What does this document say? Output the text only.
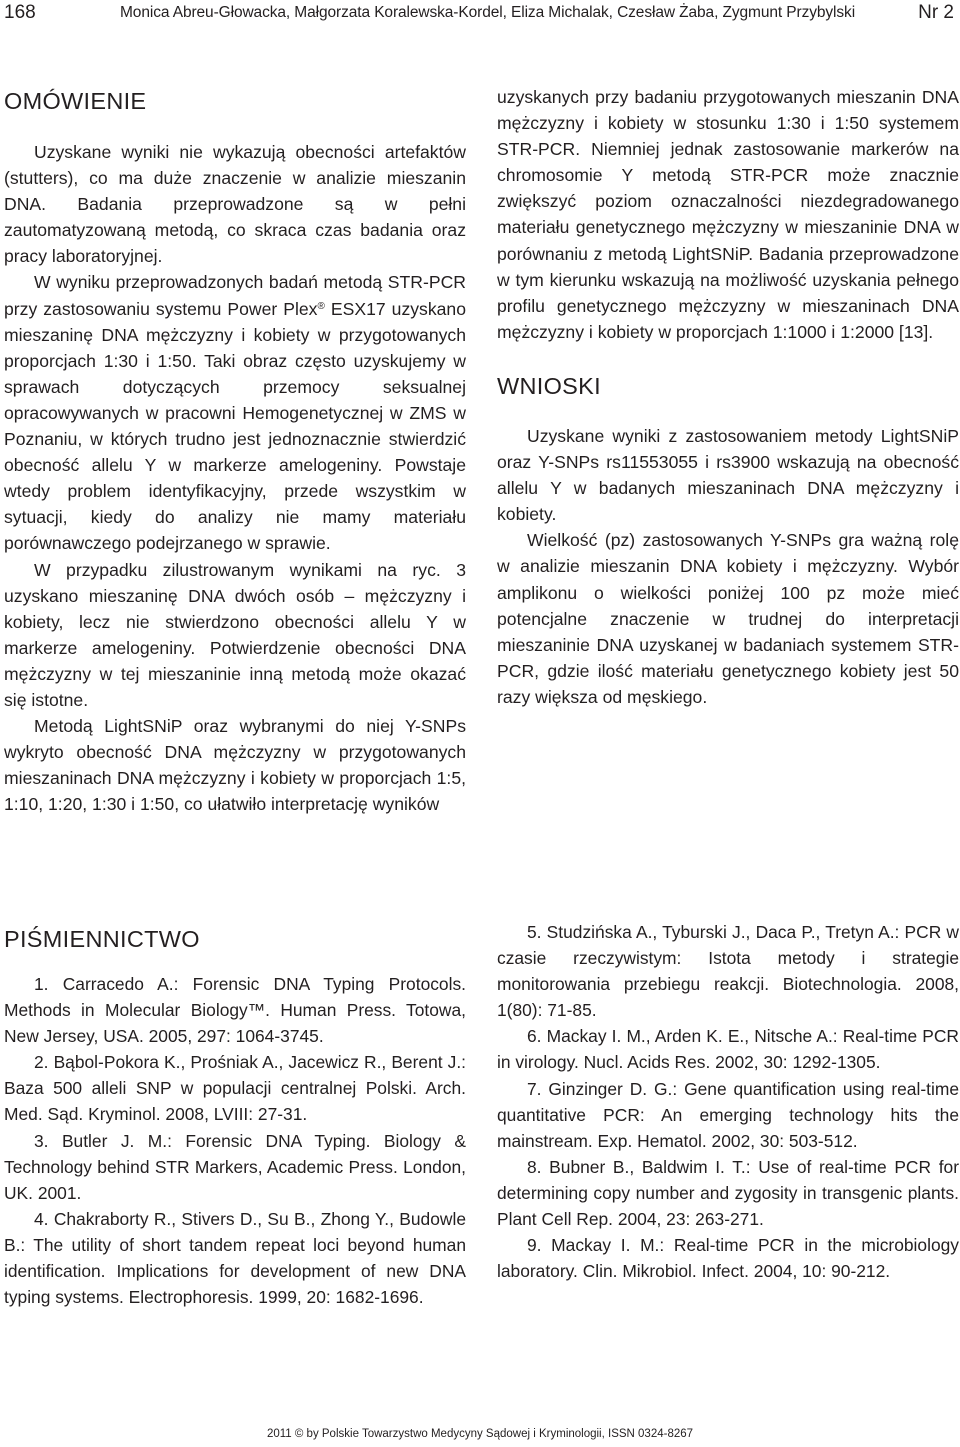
168	Monica Abreu-Głowacka, Małgorzata Koralewska-Kordel, Eliza Michalak, Czesław Żaba, Zygmunt Przybylski	Nr 2
OMÓWIENIE

Uzyskane wyniki nie wykazują obecności artefaktów (stutters), co ma duże znaczenie w analizie mieszanin DNA. Badania przeprowadzone są w pełni zautomatyzowaną metodą, co skraca czas badania oraz pracy laboratoryjnej.

W wyniku przeprowadzonych badań metodą STR-PCR przy zastosowaniu systemu Power Plex® ESX17 uzyskano mieszaninę DNA mężczyzny i kobiety w przygotowanych proporcjach 1:30 i 1:50. Taki obraz często uzyskujemy w sprawach dotyczących przemocy seksualnej opracowywanych w pracowni Hemogenetycznej w ZMS w Poznaniu, w których trudno jest jednoznacznie stwierdzić obecność allelu Y w markerze amelogeniny. Powstaje wtedy problem identyfikacyjny, przede wszystkim w sytuacji, kiedy do analizy nie mamy materiału porównawczego podejrzanego w sprawie.

W przypadku zilustrowanym wynikami na ryc. 3 uzyskano mieszaninę DNA dwóch osób – mężczyzny i kobiety, lecz nie stwierdzono obecności allelu Y w markerze amelogeniny. Potwierdzenie obecności DNA mężczyzny w tej mieszaninie inną metodą może okazać się istotne.

Metodą LightSNiP oraz wybranymi do niej Y-SNPs wykryto obecność DNA mężczyzny w przygotowanych mieszaninach DNA mężczyzny i kobiety w proporcjach 1:5, 1:10, 1:20, 1:30 i 1:50, co ułatwiło interpretację wyników

uzyskanych przy badaniu przygotowanych mieszanin DNA mężczyzny i kobiety w stosunku 1:30 i 1:50 systemem STR-PCR. Niemniej jednak zastosowanie markerów na chromosomie Y metodą STR-PCR może znacznie zwiększyć poziom oznaczalności niezdegradowanego materiału genetycznego mężczyzny w mieszaninie DNA w porównaniu z metodą LightSNiP. Badania przeprowadzone w tym kierunku wskazują na możliwość uzyskania pełnego profilu genetycznego mężczyzny w mieszaninach DNA mężczyzny i kobiety w proporcjach 1:1000 i 1:2000 [13].

WNIOSKI

Uzyskane wyniki z zastosowaniem metody LightSNiP oraz Y-SNPs rs11553055 i rs3900 wskazują na obecność allelu Y w badanych mieszaninach DNA mężczyzny i kobiety.

Wielkość (pz) zastosowanych Y-SNPs gra ważną rolę w analizie mieszanin DNA kobiety i mężczyzny. Wybór amplikonu o wielkości poniżej 100 pz może mieć potencjalne znaczenie w trudnej do interpretacji mieszaninie DNA uzyskanej w badaniach systemem STR-PCR, gdzie ilość materiału genetycznego kobiety jest 50 razy większa od męskiego.

PIŚMIENNICTWO
1. Carracedo A.: Forensic DNA Typing Protocols. Methods in Molecular Biology™. Human Press. Totowa, New Jersey, USA. 2005, 297: 1064-3745.
2. Bąbol-Pokora K., Prośniak A., Jacewicz R., Berent J.: Baza 500 alleli SNP w populacji centralnej Polski. Arch. Med. Sąd. Kryminol. 2008, LVIII: 27-31.
3. Butler J. M.: Forensic DNA Typing. Biology & Technology behind STR Markers, Academic Press. London, UK. 2001.
4. Chakraborty R., Stivers D., Su B., Zhong Y., Budowle B.: The utility of short tandem repeat loci beyond human identification. Implications for development of new DNA typing systems. Electrophoresis. 1999, 20: 1682-1696.
5. Studzińska A., Tyburski J., Daca P., Tretyn A.: PCR w czasie rzeczywistym: Istota metody i strategie monitorowania przebiegu reakcji. Biotechnologia. 2008, 1(80): 71-85.
6. Mackay I. M., Arden K. E., Nitsche A.: Real-time PCR in virology. Nucl. Acids Res. 2002, 30: 1292-1305.
7. Ginzinger D. G.: Gene quantification using real-time quantitative PCR: An emerging technology hits the mainstream. Exp. Hematol. 2002, 30: 503-512.
8. Bubner B., Baldwim I. T.: Use of real-time PCR for determining copy number and zygosity in transgenic plants. Plant Cell Rep. 2004, 23: 263-271.
9. Mackay I. M.: Real-time PCR in the microbiology laboratory. Clin. Mikrobiol. Infect. 2004, 10: 90-212.
2011 © by Polskie Towarzystwo Medycyny Sądowej i Kryminologii, ISSN 0324-8267
